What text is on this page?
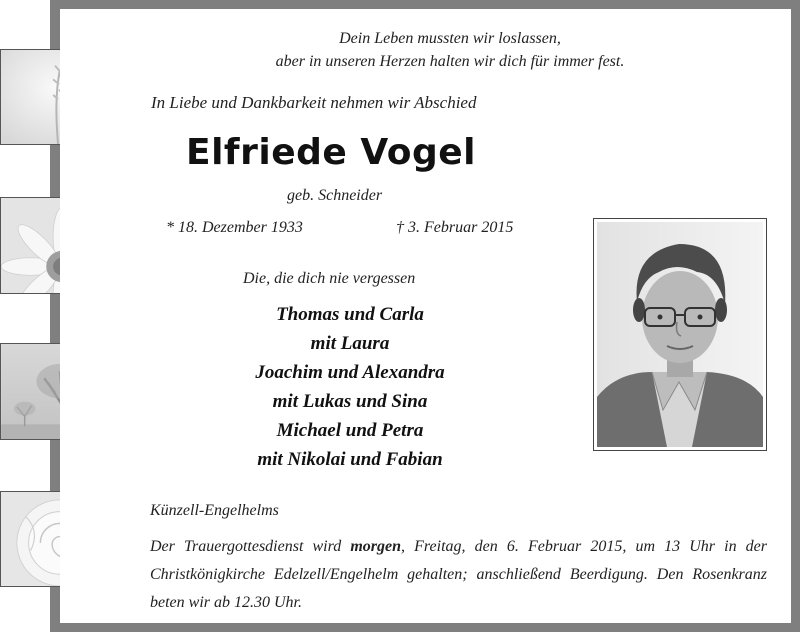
Dein Leben mussten wir loslassen,
aber in unseren Herzen halten wir dich für immer fest.
In Liebe und Dankbarkeit nehmen wir Abschied
Elfriede Vogel
geb. Schneider
* 18. Dezember 1933	† 3. Februar 2015
Die, die dich nie vergessen
Thomas und Carla
mit Laura
Joachim und Alexandra
mit Lukas und Sina
Michael und Petra
mit Nikolai und Fabian
Künzell-Engelhelms
Der Trauergottesdienst wird morgen, Freitag, den 6. Februar 2015, um 13 Uhr in der Christkönigkirche Edelzell/Engelhelm gehalten; anschließend Beerdigung. Den Rosenkranz beten wir ab 12.30 Uhr.
